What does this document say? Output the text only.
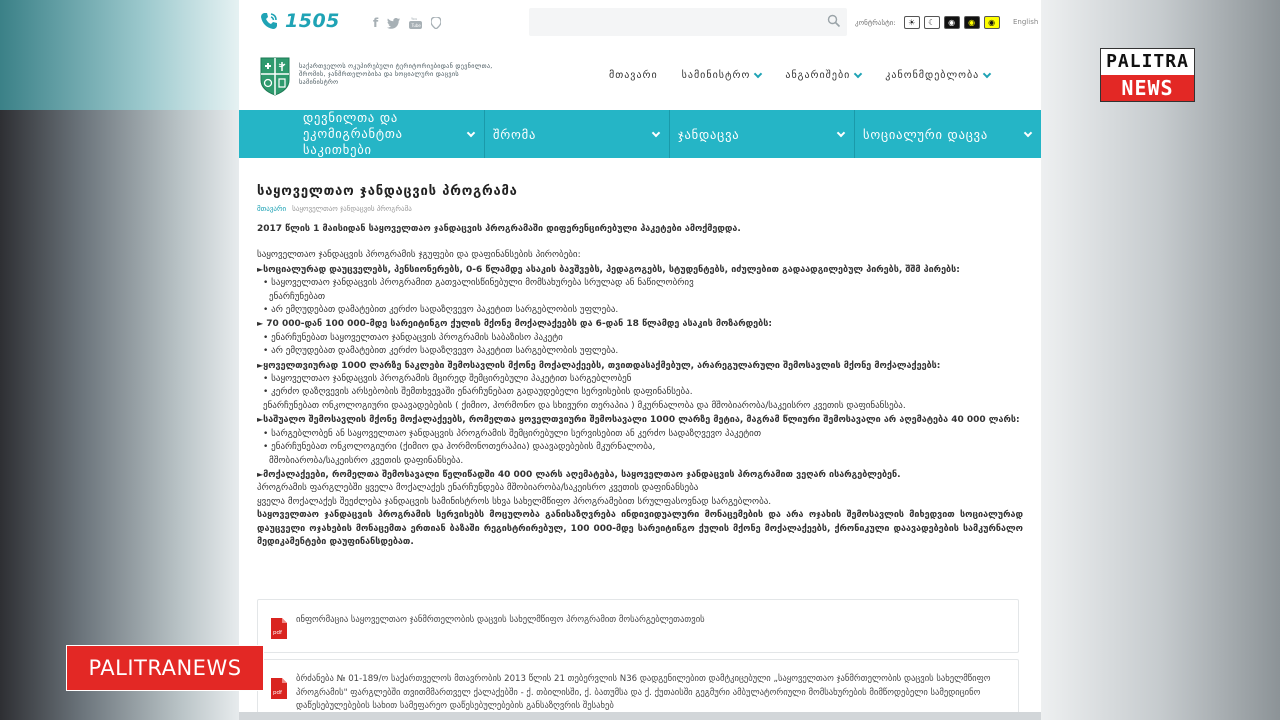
1505	f	You
Tube	კონტრასტი:	☀	☾	◉	◉	◉	English
საქართველოს ოკუპირებული ტერიტორიებიდან დევნილთა, შრომის, ჯანმრთელობისა და სოციალური დაცვის სამინისტრო
მთავარი სამინისტრო	ანგარიშები	კანონმდებლობა
დევნილთა და ეკომიგრანტთა საკითხები
შრომა	ჯანდაცვა	სოციალური დაცვა
საყოველთაო ჯანდაცვის პროგრამა
მთავარი საყოველთაო ჯანდაცვის პროგრამა

2017 წლის 1 მაისიდან საყოველთაო ჯანდაცვის პროგრამაში დიფერენცირებული პაკეტები ამოქმედდა.

საყოველთაო ჯანდაცვის პროგრამის ჯგუფები და დაფინანსების პირობები:

►სოციალურად დაუცველებს, პენსიონერებს, 0-6 წლამდე ასაკის ბავშვებს, პედაგოგებს, სტუდენტებს, იძულებით გადაადგილებულ პირებს, შშმ პირებს:

• საყოველთაო ჯანდაცვის პროგრამით გათვალისწინებული მომსახურება სრულად ან ნაწილობრივ

ენარჩუნებათ

• არ ემღუდებათ დამატებით კერძო სადაზღვევო პაკეტით სარგებლობის უფლება.

► 70 000-დან 100 000-მდე სარეიტინგო ქულის მქონე მოქალაქეებს და 6-დან 18 წლამდე ასაკის მოზარდებს:

• ენარჩუნებათ საყოველთაო ჯანდაცვის პროგრამის საბაზისო პაკეტი

• არ ემღუდებათ დამატებით კერძო სადაზღვევო პაკეტით სარგებლობის უფლება.

►ყოველთვიურად 1000 ლარზე ნაკლები შემოსავლის მქონე მოქალაქეებს, თვითდასაქმებულ, არარეგულარული შემოსავლის მქონე მოქალაქეებს:

• საყოველთაო ჯანდაცვის პროგრამის მცირედ შემცირებული პაკეტით სარგებლობენ

• კერძო დაზღვევის არსებობის შემთხვევაში ენარჩუნებათ გადაუდებელი სერვისების დაფინანსება.

ენარჩუნებათ ონკოლოგიური დაავადებების ( ქიმიო, ჰორმონო და სხივური თერაპია ) მკურნალობა და მშობიარობა/საკეისრო კვეთის დაფინანსება.

►საშუალო შემოსავლის მქონე მოქალაქეებს, რომელთა ყოველთვიური შემოსავალი 1000 ლარზე მეტია, მაგრამ წლიური შემოსავალი არ აღემატება 40 000 ლარს:

• სარგებლობენ ან საყოველთაო ჯანდაცვის პროგრამის შემცირებული სერვისებით ან კერძო სადაზღვევო პაკეტით

• ენარჩუნებათ ონკოლოგიური (ქიმიო და ჰორმონოთერაპია) დაავადებების მკურნალობა,

მშობიარობა/საკეისრო კვეთის დაფინანსება.

►მოქალაქეები, რომელთა შემოსავალი წელიწადში 40 000 ლარს აღემატება, საყოველთაო ჯანდაცვის პროგრამით ვეღარ ისარგებლებენ.

პროგრამის ფარგლებში ყველა მოქალაქეს ენარჩუნდება მშობიარობა/საკეისრო კვეთის დაფინანსება

ყველა მოქალაქეს შეეძლება ჯანდაცვის სამინისტროს სხვა სახელმწიფო პროგრამებით სრულფასოვნად სარგებლობა.

საყოველთაო ჯანდაცვის პროგრამის სერვისებს მოცულობა განისაზღვრება ინდივიდუალური მონაცემების და არა ოჯახის შემოსავლის მიხედვით სოციალურად დაუცველი ოჯახების მონაცემთა ერთიან ბაზაში რეგისტრირებულ, 100 000-მდე სარეიტინგო ქულის მქონე მოქალაქეებს, ქრონიკული დაავადებების სამკურნალო მედიკამენტები დაუფინანსდებათ.

pdf
ინფორმაცია საყოველთაო ჯანმრთელობის დაცვის სახელმწიფო პროგრამით მოსარგებლეთათვის
pdf
ბრძანება № 01-189/ო საქართველოს მთავრობის 2013 წლის 21 თებერვლის N36 დადგენილებით დამტკიცებული „საყოველთაო ჯანმრთელობის დაცვის სახელმწიფო პროგრამის" ფარგლებში თვითმმართველ ქალაქებში - ქ. თბილისში, ქ. ბათუმსა და ქ. ქუთაისში გეგმური ამბულატორიული მომსახურების მიმწოდებელი სამედიცინო დაწესებულებების სახით სამეფარეო დაწესებულებების განსაზღვრის შესახებ
PALITRA
NEWS
PALITRANEWS
